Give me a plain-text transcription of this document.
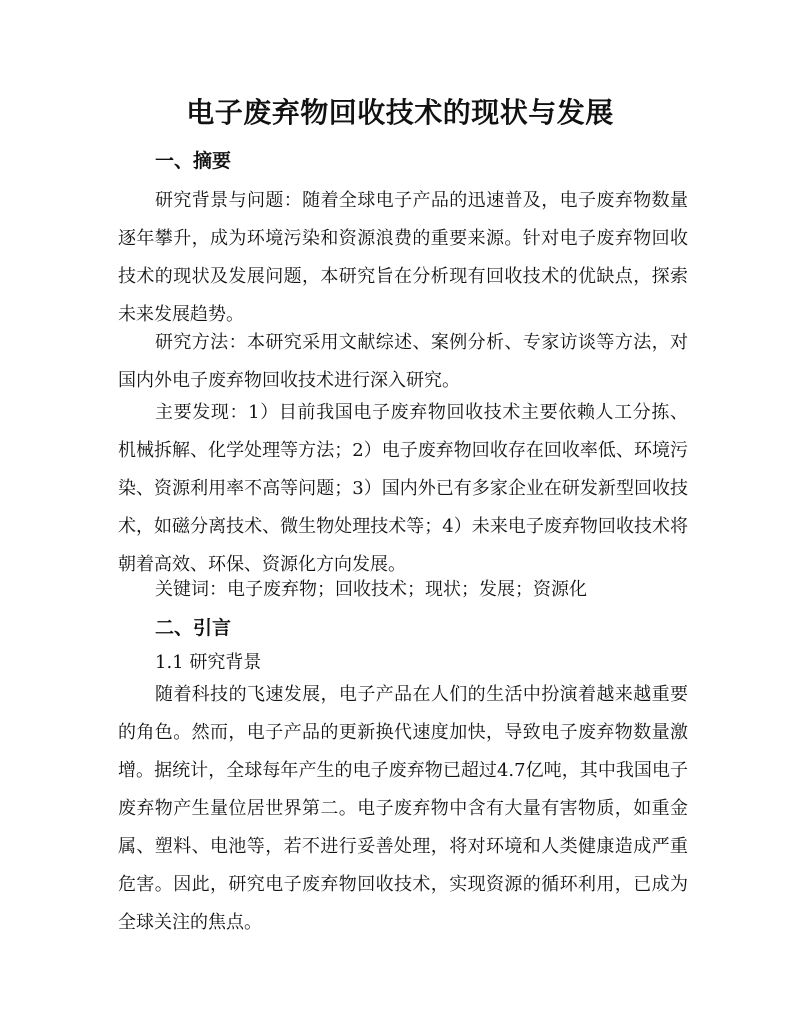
电子废弃物回收技术的现状与发展
一、摘要

研究背景与问题：随着全球电子产品的迅速普及，电子废弃物数量逐年攀升，成为环境污染和资源浪费的重要来源。针对电子废弃物回收技术的现状及发展问题，本研究旨在分析现有回收技术的优缺点，探索未来发展趋势。

研究方法：本研究采用文献综述、案例分析、专家访谈等方法，对国内外电子废弃物回收技术进行深入研究。

主要发现：1）目前我国电子废弃物回收技术主要依赖人工分拣、机械拆解、化学处理等方法；2）电子废弃物回收存在回收率低、环境污染、资源利用率不高等问题；3）国内外已有多家企业在研发新型回收技术，如磁分离技术、微生物处理技术等；4）未来电子废弃物回收技术将朝着高效、环保、资源化方向发展。

关键词：电子废弃物；回收技术；现状；发展；资源化

二、引言

1.1 研究背景

随着科技的飞速发展，电子产品在人们的生活中扮演着越来越重要的角色。然而，电子产品的更新换代速度加快，导致电子废弃物数量激增。据统计，全球每年产生的电子废弃物已超过4.7亿吨，其中我国电子废弃物产生量位居世界第二。电子废弃物中含有大量有害物质，如重金属、塑料、电池等，若不进行妥善处理，将对环境和人类健康造成严重危害。因此，研究电子废弃物回收技术，实现资源的循环利用，已成为全球关注的焦点。
